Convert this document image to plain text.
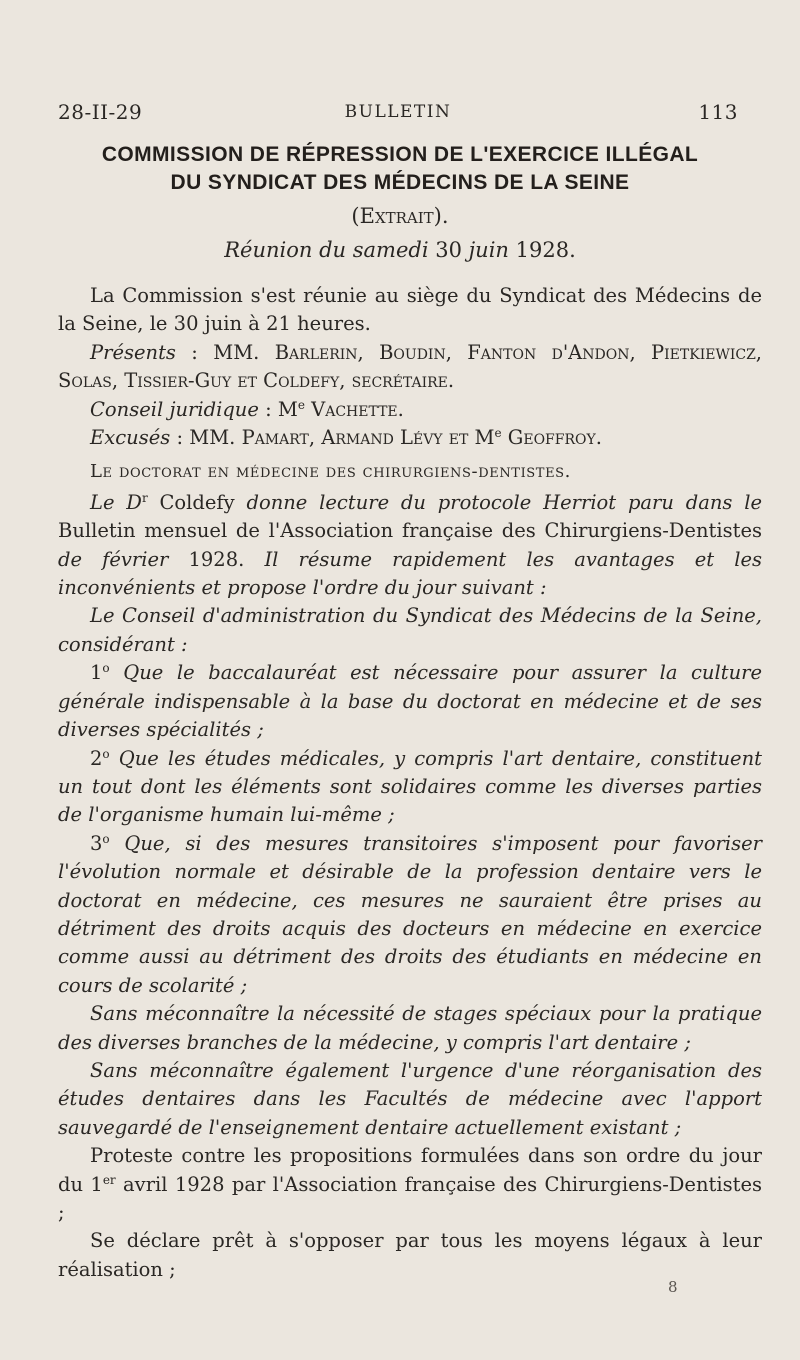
28-II-29	BULLETIN	113
COMMISSION DE RÉPRESSION DE L'EXERCICE ILLÉGAL
DU SYNDICAT DES MÉDECINS DE LA SEINE
(Extrait).
Réunion du samedi 30 juin 1928.

La Commission s'est réunie au siège du Syndicat des Médecins de la Seine, le 30 juin à 21 heures.

Présents : MM. Barlerin, Boudin, Fanton d'Andon, Pietkiewicz, Solas, Tissier-Guy et Coldefy, secrétaire.

Conseil juridique : Me Vachette.

Excusés : MM. Pamart, Armand Lévy et Me Geoffroy.

Le doctorat en médecine des chirurgiens-dentistes.

Le $D^r$ Coldefy donne lecture du protocole Herriot paru dans le Bulletin mensuel de l'Association française des Chirurgiens-Dentistes de février 1928. Il résume rapidement les avantages et les inconvénients et propose l'ordre du jour suivant :

Le Conseil d'administration du Syndicat des Médecins de la Seine, considérant :

1$^o$ Que le baccalauréat est nécessaire pour assurer la culture générale indispensable à la base du doctorat en médecine et de ses diverses spécialités ;

2$^o$ Que les études médicales, y compris l'art dentaire, constituent un tout dont les éléments sont solidaires comme les diverses parties de l'organisme humain lui-même ;

3$^o$ Que, si des mesures transitoires s'imposent pour favoriser l'évolution normale et désirable de la profession dentaire vers le doctorat en médecine, ces mesures ne sauraient être prises au détriment des droits acquis des docteurs en médecine en exercice comme aussi au détriment des droits des étudiants en médecine en cours de scolarité ;

Sans méconnaître la nécessité de stages spéciaux pour la pratique des diverses branches de la médecine, y compris l'art dentaire ;

Sans méconnaître également l'urgence d'une réorganisation des études dentaires dans les Facultés de médecine avec l'apport sauvegardé de l'enseignement dentaire actuellement existant ;

Proteste contre les propositions formulées dans son ordre du jour du 1er avril 1928 par l'Association française des Chirurgiens-Dentistes ;

Se déclare prêt à s'opposer par tous les moyens légaux à leur réalisation ;

8
